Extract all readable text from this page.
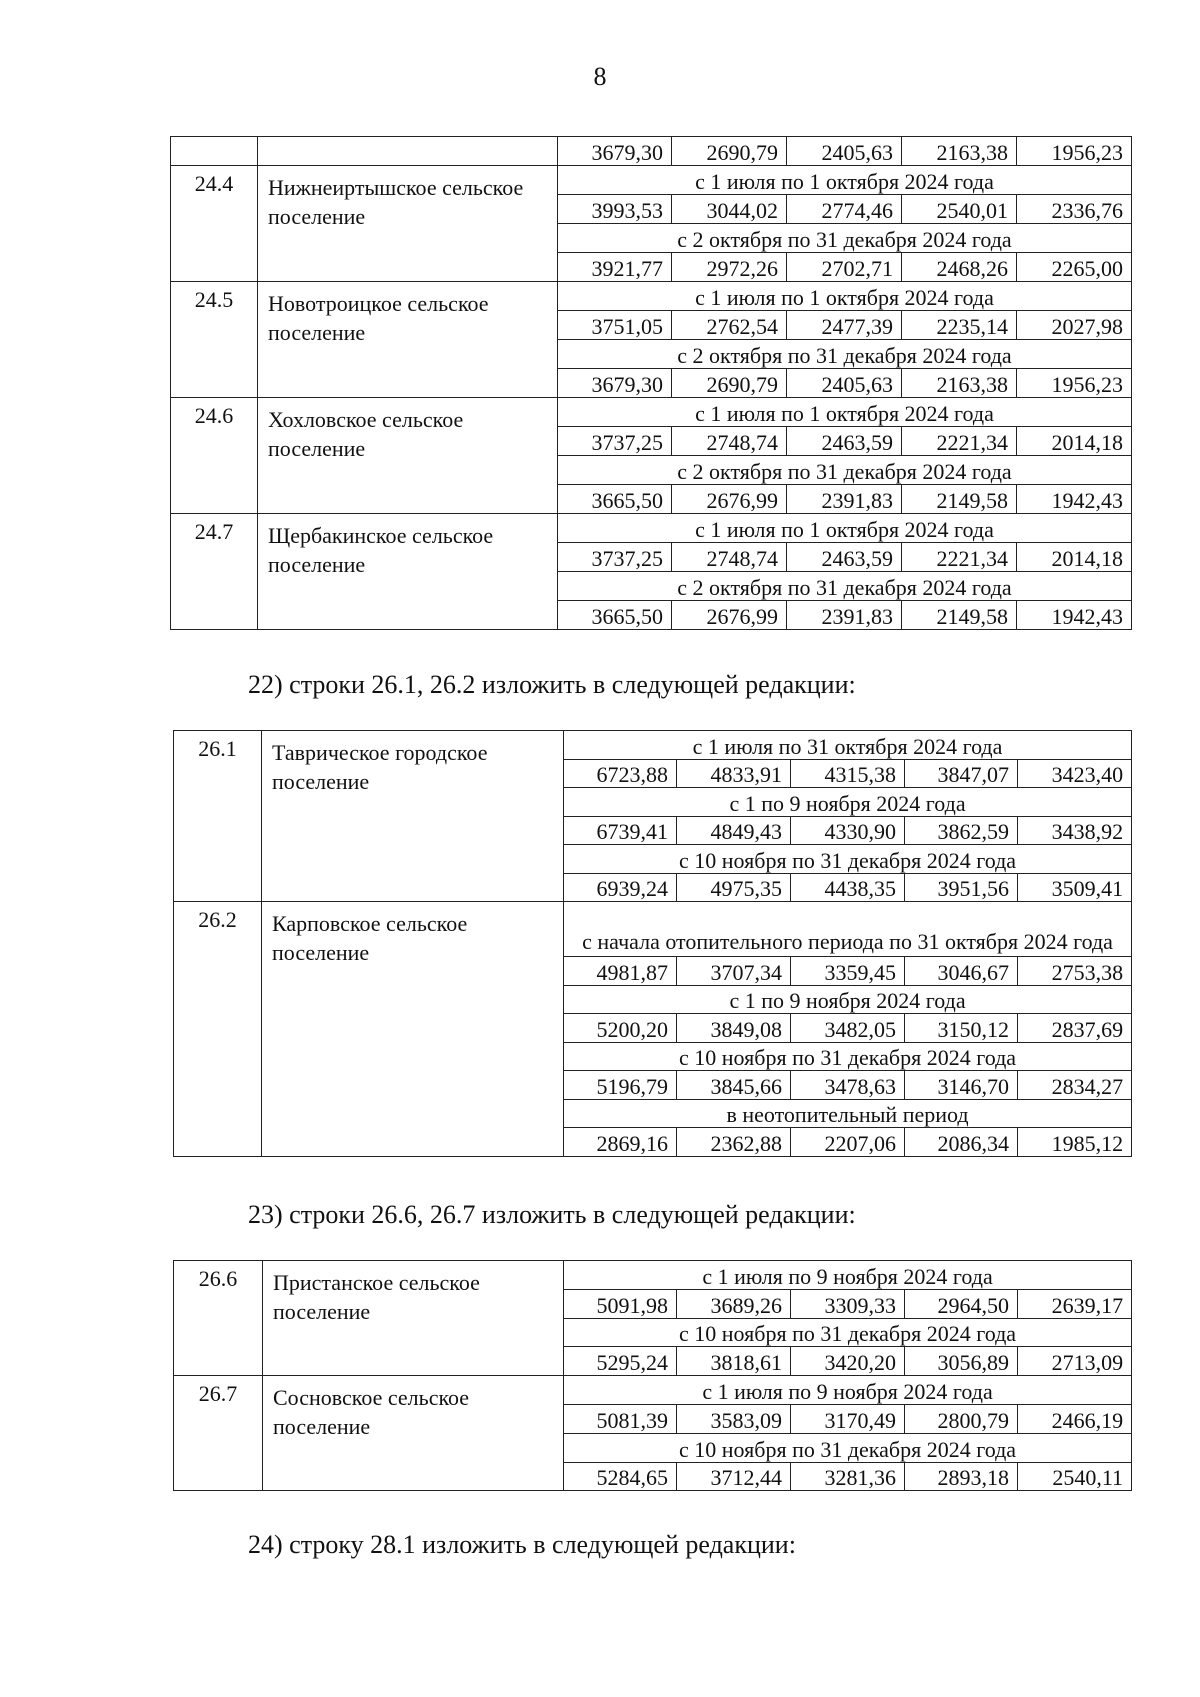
8
		3679,30	2690,79	2405,63	2163,38	1956,23
24.4	Нижнеиртышское сельское поселение	с 1 июля по 1 октября 2024 года				
		3993,53	3044,02	2774,46	2540,01	2336,76
		с 2 октября по 31 декабря 2024 года				
		3921,77	2972,26	2702,71	2468,26	2265,00
24.5	Новотроицкое сельское поселение	с 1 июля по 1 октября 2024 года				
		3751,05	2762,54	2477,39	2235,14	2027,98
		с 2 октября по 31 декабря 2024 года				
		3679,30	2690,79	2405,63	2163,38	1956,23
24.6	Хохловское сельское поселение	с 1 июля по 1 октября 2024 года				
		3737,25	2748,74	2463,59	2221,34	2014,18
		с 2 октября по 31 декабря 2024 года				
		3665,50	2676,99	2391,83	2149,58	1942,43
24.7	Щербакинское сельское поселение	с 1 июля по 1 октября 2024 года				
		3737,25	2748,74	2463,59	2221,34	2014,18
		с 2 октября по 31 декабря 2024 года				
		3665,50	2676,99	2391,83	2149,58	1942,43
22) строки 26.1, 26.2 изложить в следующей редакции:
26.1	Таврическое городское поселение	с 1 июля по 31 октября 2024 года				
		6723,88	4833,91	4315,38	3847,07	3423,40
		с 1 по 9 ноября 2024 года				
		6739,41	4849,43	4330,90	3862,59	3438,92
		с 10 ноября по 31 декабря 2024 года				
		6939,24	4975,35	4438,35	3951,56	3509,41
26.2	Карповское сельское поселение	с начала отопительного периода по 31 октября 2024 года				
		4981,87	3707,34	3359,45	3046,67	2753,38
		с 1 по 9 ноября 2024 года				
		5200,20	3849,08	3482,05	3150,12	2837,69
		с 10 ноября по 31 декабря 2024 года				
		5196,79	3845,66	3478,63	3146,70	2834,27
		в неотопительный период				
		2869,16	2362,88	2207,06	2086,34	1985,12
23) строки 26.6, 26.7 изложить в следующей редакции:
26.6	Пристанское сельское поселение	с 1 июля по 9 ноября 2024 года				
		5091,98	3689,26	3309,33	2964,50	2639,17
		с 10 ноября по 31 декабря 2024 года				
		5295,24	3818,61	3420,20	3056,89	2713,09
26.7	Сосновское сельское поселение	с 1 июля по 9 ноября 2024 года				
		5081,39	3583,09	3170,49	2800,79	2466,19
		с 10 ноября по 31 декабря 2024 года				
		5284,65	3712,44	3281,36	2893,18	2540,11
24) строку 28.1 изложить в следующей редакции:
